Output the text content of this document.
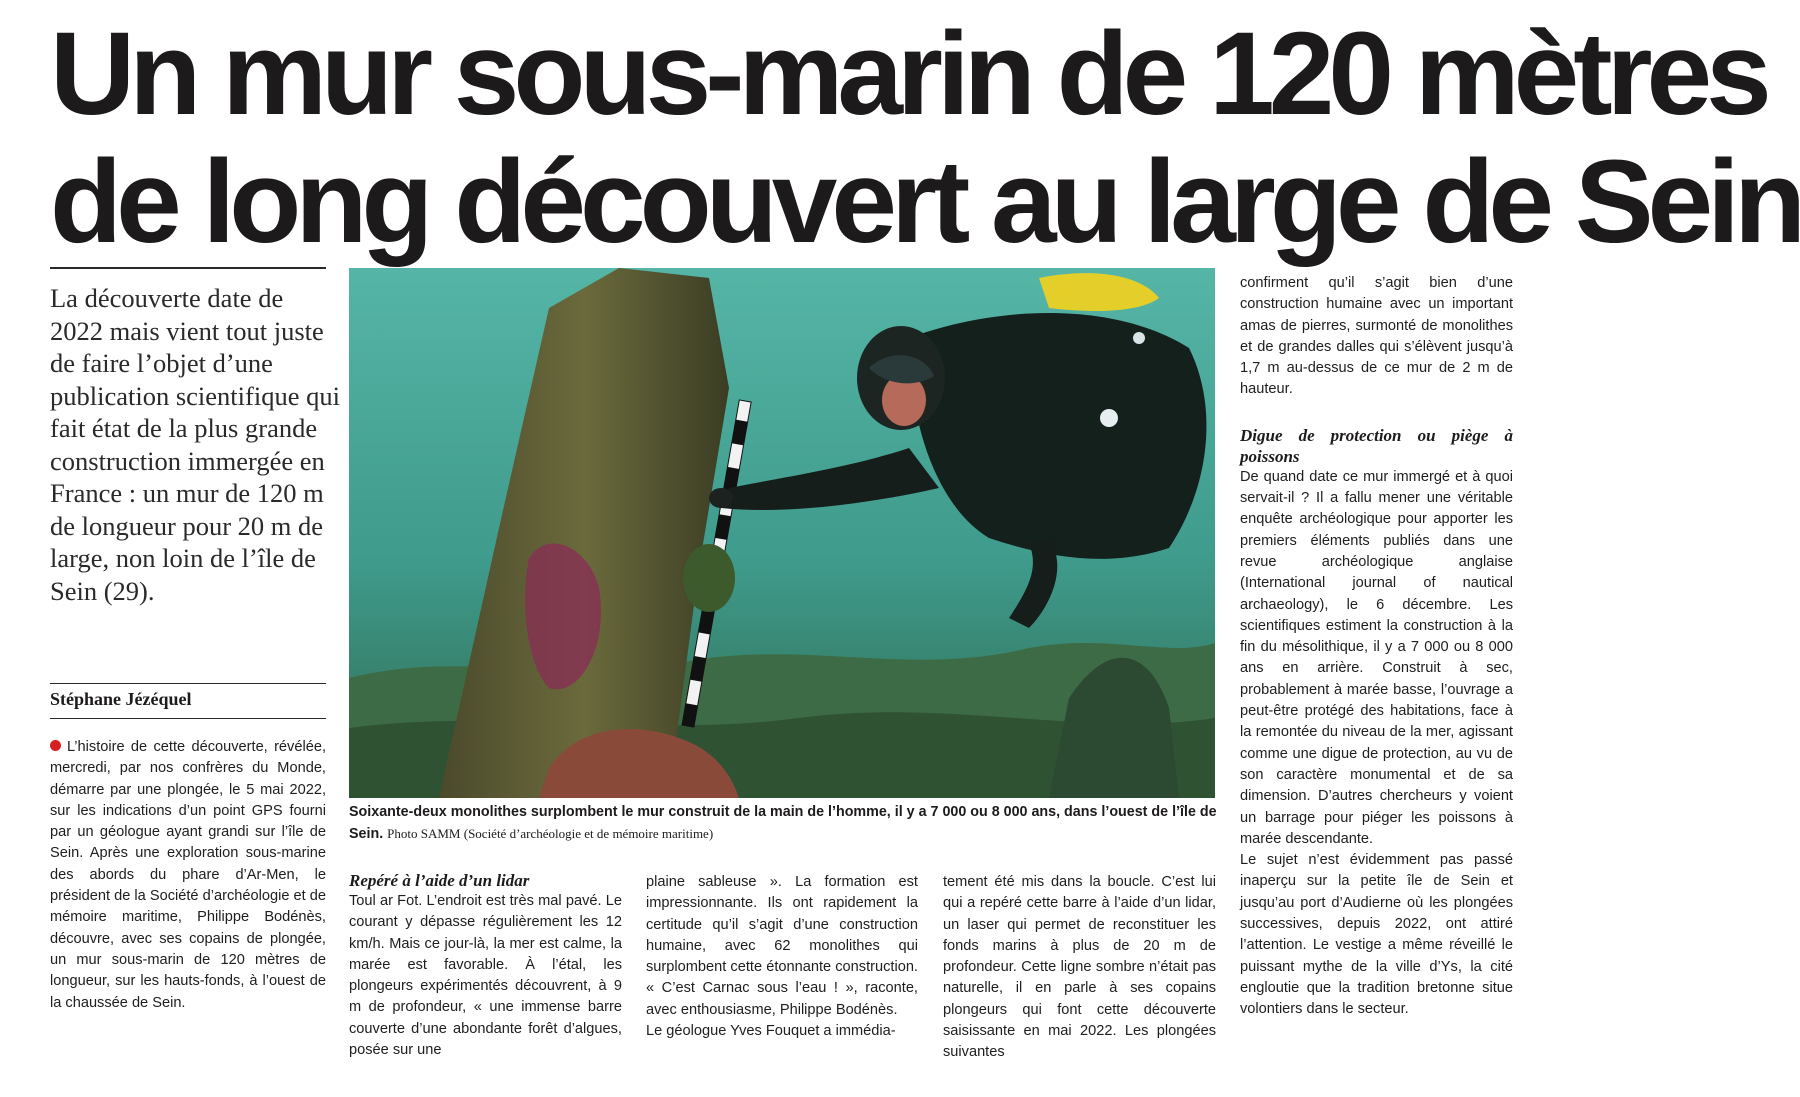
Un mur sous-marin de 120 mètres
de long découvert au large de Sein
La découverte date de 2022 mais vient tout juste de faire l’objet d’une publication scientifique qui fait état de la plus grande construction immergée en France : un mur de 120 m de longueur pour 20 m de large, non loin de l’île de Sein (29).
Stéphane Jézéquel

L’histoire de cette découverte, révélée, mercredi, par nos confrères du Monde, démarre par une plongée, le 5 mai 2022, sur les indications d’un point GPS fourni par un géologue ayant grandi sur l’île de Sein. Après une exploration sous-marine des abords du phare d’Ar-Men, le président de la Société d’archéologie et de mémoire maritime, Philippe Bodénès, découvre, avec ses copains de plongée, un mur sous-marin de 120 mètres de longueur, sur les hauts-fonds, à l’ouest de la chaussée de Sein.

Soixante-deux monolithes surplombent le mur construit de la main de l’homme, il y a 7 000 ou 8 000 ans, dans l’ouest de l’île de Sein. Photo SAMM (Société d’archéologie et de mémoire maritime)

Repéré à l’aide d’un lidar

Toul ar Fot. L’endroit est très mal pavé. Le courant y dépasse régulièrement les 12 km/h. Mais ce jour-là, la mer est calme, la marée est favorable. À l’étal, les plongeurs expérimentés découvrent, à 9 m de profondeur, « une immense barre couverte d’une abondante forêt d’algues, posée sur une

plaine sableuse ». La formation est impressionnante. Ils ont rapidement la certitude qu’il s’agit d’une construction humaine, avec 62 monolithes qui surplombent cette étonnante construction. « C’est Carnac sous l’eau ! », raconte, avec enthousiasme, Philippe Bodénès.

Le géologue Yves Fouquet a immédia-

tement été mis dans la boucle. C’est lui qui a repéré cette barre à l’aide d’un lidar, un laser qui permet de reconstituer les fonds marins à plus de 20 m de profondeur. Cette ligne sombre n’était pas naturelle, il en parle à ses copains plongeurs qui font cette découverte saisissante en mai 2022. Les plongées suivantes

confirment qu’il s’agit bien d’une construction humaine avec un important amas de pierres, surmonté de monolithes et de grandes dalles qui s’élèvent jusqu’à 1,7 m au-dessus de ce mur de 2 m de hauteur.

Digue de protection ou piège à poissons

De quand date ce mur immergé et à quoi servait-il ? Il a fallu mener une véritable enquête archéologique pour apporter les premiers éléments publiés dans une revue archéologique anglaise (International journal of nautical archaeology), le 6 décembre. Les scientifiques estiment la construction à la fin du mésolithique, il y a 7 000 ou 8 000 ans en arrière. Construit à sec, probablement à marée basse, l’ouvrage a peut-être protégé des habitations, face à la remontée du niveau de la mer, agissant comme une digue de protection, au vu de son caractère monumental et de sa dimension. D’autres chercheurs y voient un barrage pour piéger les poissons à marée descendante.

Le sujet n’est évidemment pas passé inaperçu sur la petite île de Sein et jusqu’au port d’Audierne où les plongées successives, depuis 2022, ont attiré l’attention. Le vestige a même réveillé le puissant mythe de la ville d’Ys, la cité engloutie que la tradition bretonne situe volontiers dans le secteur.
